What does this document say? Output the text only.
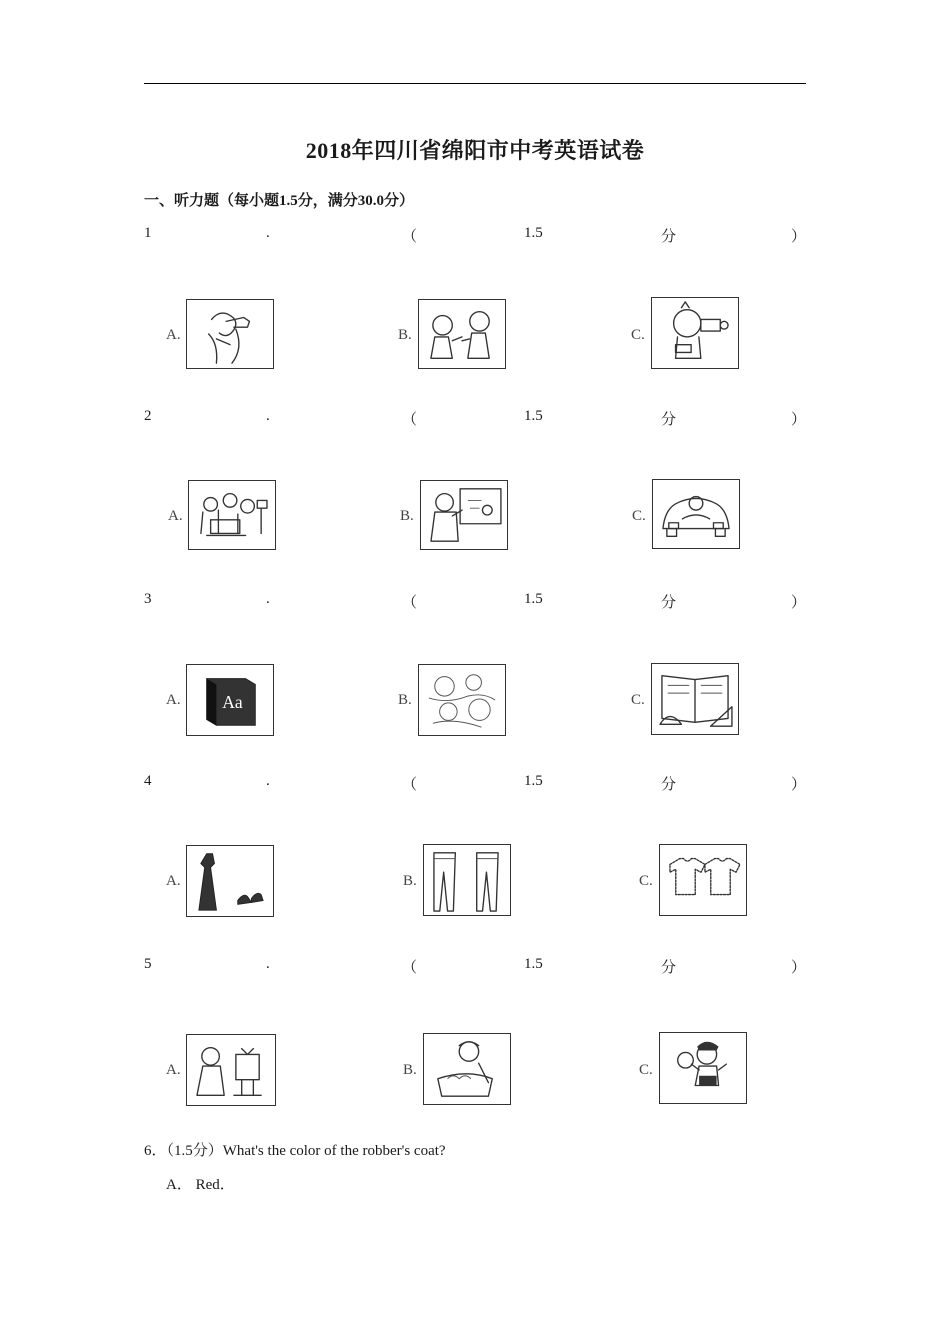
2018年四川省绵阳市中考英语试卷
一、听力题（每小题1.5分，满分30.0分）
1	.	（	1.5	分	）
A.	B.	C.
2	.	（	1.5	分	）
A.	B.	C.
3	.	（	1.5	分	）
A. Aa	B.	C.
4	.	（	1.5	分	）
A.	B.	C.
5	.	（	1.5	分	）
A.	B.	C.
6．（1.5分）What's the color of the robber's coat?
A． Red．
